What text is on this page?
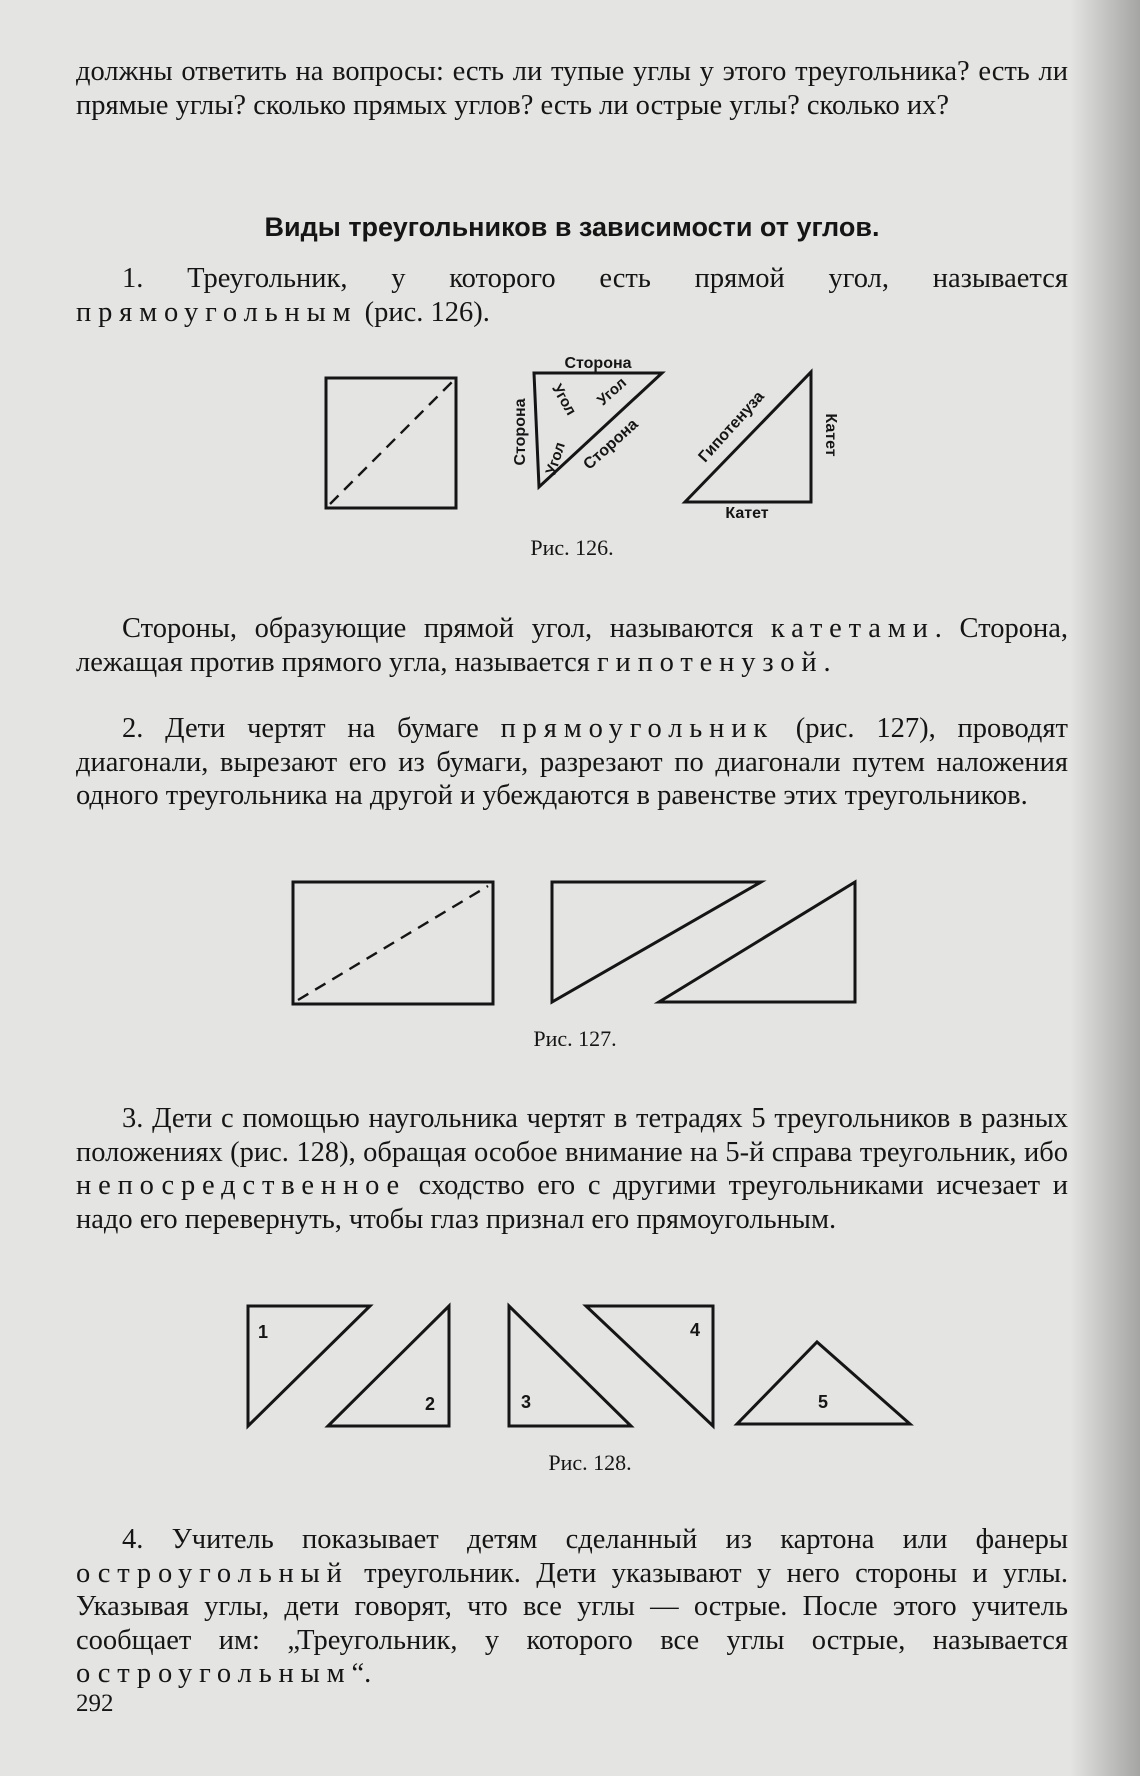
должны ответить на вопросы: есть ли тупые углы у этого треугольника? есть ли прямые углы? сколько прямых углов? есть ли острые углы? сколько их?

Виды треугольников в зависимости от углов.

1. Треугольник, у которого есть прямой угол, называется прямоугольным (рис. 126).

Сторона
Сторона	Сторона
Угол Угол
Угол	Гипотенуза	Катет
Катет
Рис. 126.

Стороны, образующие прямой угол, называются катетами. Сторона, лежащая против прямого угла, называется гипотенузой.

2. Дети чертят на бумаге прямоугольник (рис. 127), проводят диагонали, вырезают его из бумаги, разрезают по диагонали путем наложения одного треугольника на другой и убеждаются в равенстве этих треугольников.

Рис. 127.

3. Дети с помощью наугольника чертят в тетрадях 5 треугольников в разных положениях (рис. 128), обращая особое внимание на 5-й справа треугольник, ибо непосредственное сходство его с другими треугольниками исчезает и надо его перевернуть, чтобы глаз признал его прямоугольным.

1
2	3
4
5
Рис. 128.

4. Учитель показывает детям сделанный из картона или фанеры остроугольный треугольник. Дети указывают у него стороны и углы. Указывая углы, дети говорят, что все углы — острые. После этого учитель сообщает им: „Треугольник, у которого все углы острые, называется остроугольным“.

292
